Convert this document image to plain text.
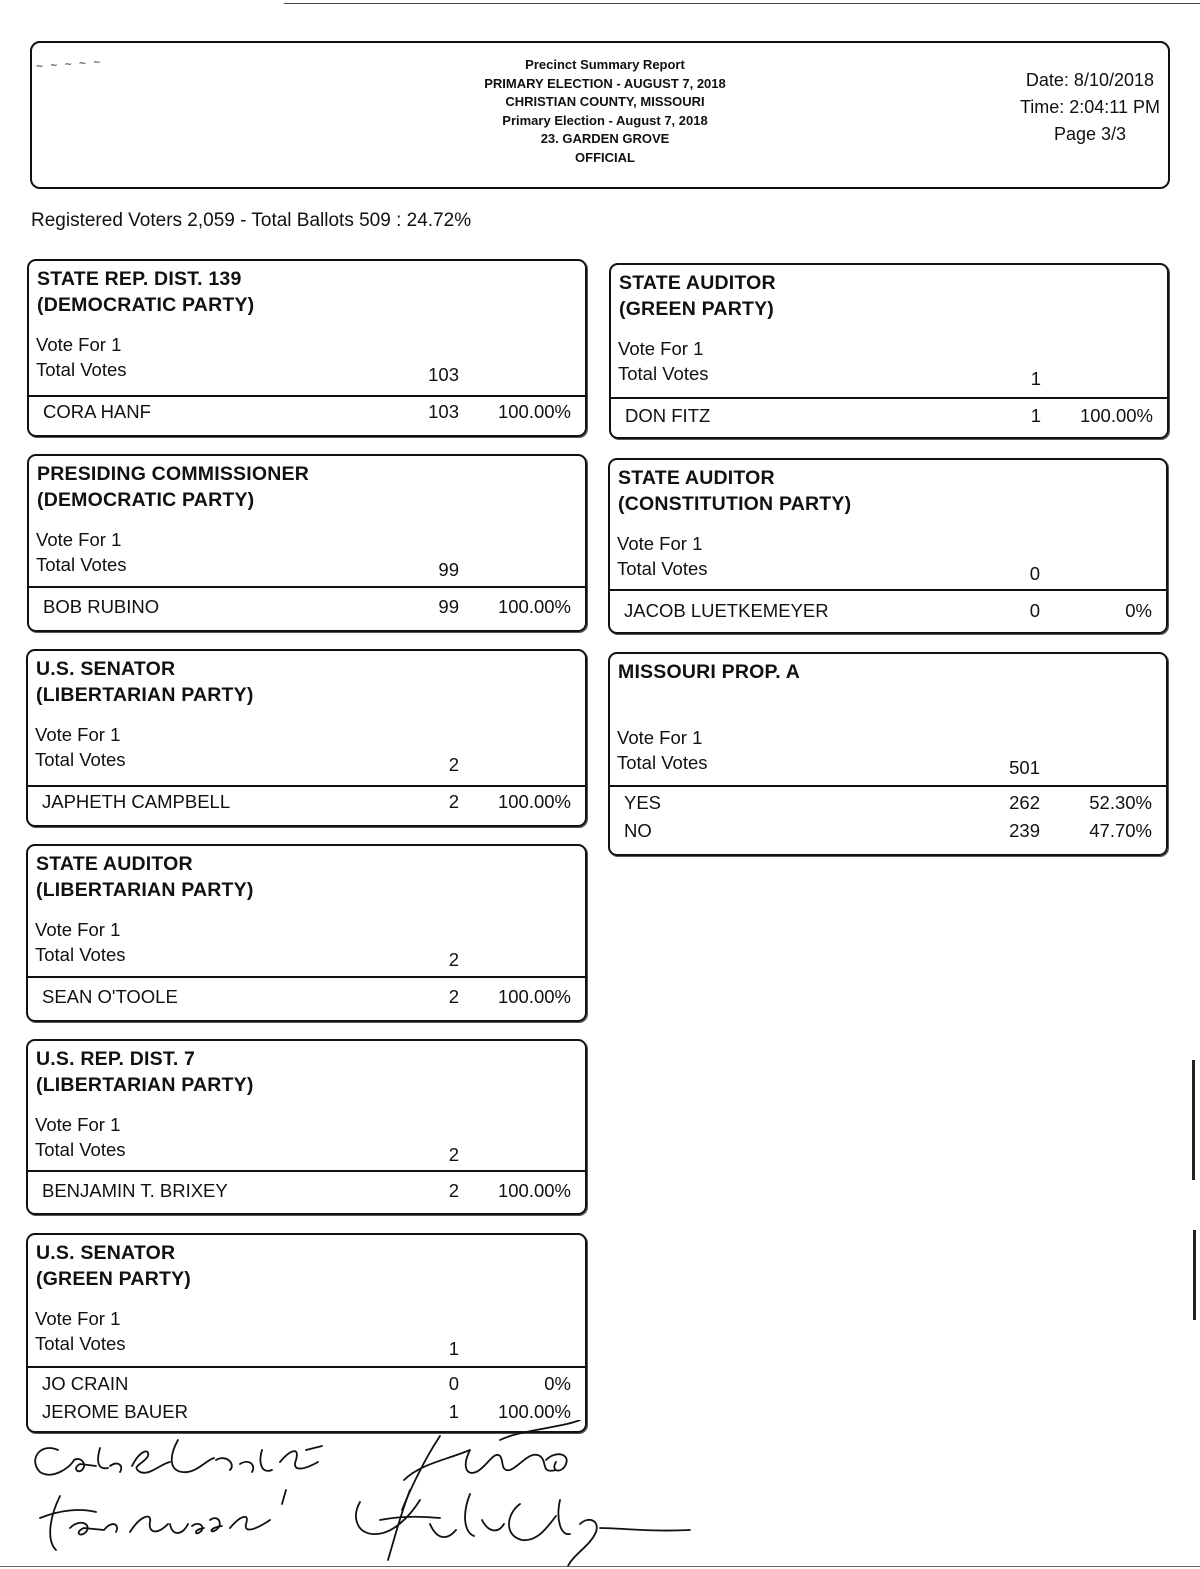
~ ~ ~ ~ ~	Precinct Summary Report
PRIMARY ELECTION - AUGUST 7, 2018
CHRISTIAN COUNTY, MISSOURI
Primary Election - August 7, 2018
23. GARDEN GROVE
OFFICIAL
Date: 8/10/2018
Time: 2:04:11 PM
Page 3/3
Registered Voters 2,059 - Total Ballots 509 : 24.72%
STATE REP. DIST. 139
(DEMOCRATIC PARTY)
Vote For 1
Total Votes	103
CORA HANF	103 100.00%
PRESIDING COMMISSIONER
(DEMOCRATIC PARTY)
Vote For 1
Total Votes	99
BOB RUBINO	99 100.00%
U.S. SENATOR
(LIBERTARIAN PARTY)
Vote For 1
Total Votes	2
JAPHETH CAMPBELL	2 100.00%
STATE AUDITOR
(LIBERTARIAN PARTY)
Vote For 1
Total Votes	2
SEAN O'TOOLE	2 100.00%
U.S. REP. DIST. 7
(LIBERTARIAN PARTY)
Vote For 1
Total Votes	2
BENJAMIN T. BRIXEY	2 100.00%
U.S. SENATOR
(GREEN PARTY)
Vote For 1
Total Votes	1
JO CRAIN	0	0%
JEROME BAUER	1 100.00%
STATE AUDITOR
(GREEN PARTY)
Vote For 1
Total Votes	1
DON FITZ	1 100.00%
STATE AUDITOR
(CONSTITUTION PARTY)
Vote For 1
Total Votes	0
JACOB LUETKEMEYER	0	0%
MISSOURI PROP. A
Vote For 1
Total Votes	501
YES	262	52.30%
NO	239	47.70%
